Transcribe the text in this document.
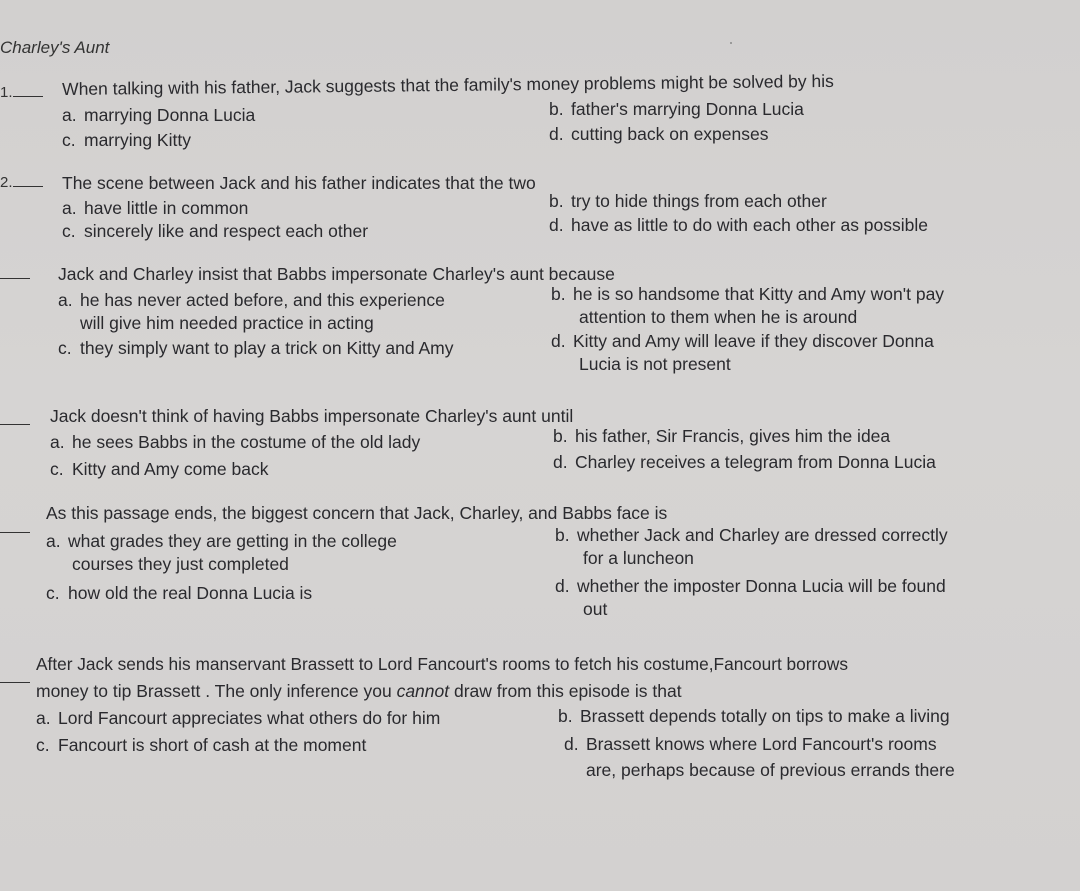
Charley's Aunt
1.	When talking with his father, Jack suggests that the family's money problems might be solved by his
a. marrying Donna Lucia	b. father's marrying Donna Lucia
c. marrying Kitty	d. cutting back on expenses
2.	The scene between Jack and his father indicates that the two
a. have little in common	b. try to hide things from each other
c. sincerely like and respect each other	d. have as little to do with each other as possible
Jack and Charley insist that Babbs impersonate Charley's aunt because
a. he has never acted before, and this experience
will give him needed practice in acting
b. he is so handsome that Kitty and Amy won't pay
attention to them when he is around
c. they simply want to play a trick on Kitty and Amy	d. Kitty and Amy will leave if they discover Donna
Lucia is not present
Jack doesn't think of having Babbs impersonate Charley's aunt until
a. he sees Babbs in the costume of the old lady	b. his father, Sir Francis, gives him the idea
c. Kitty and Amy come back	d. Charley receives a telegram from Donna Lucia
As this passage ends, the biggest concern that Jack, Charley, and Babbs face is
a. what grades they are getting in the college
courses they just completed
b. whether Jack and Charley are dressed correctly
for a luncheon
c. how old the real Donna Lucia is	d. whether the imposter Donna Lucia will be found
out
After Jack sends his manservant Brassett to Lord Fancourt's rooms to fetch his costume,Fancourt borrows
money to tip Brassett . The only inference you cannot draw from this episode is that
a. Lord Fancourt appreciates what others do for him	b. Brassett depends totally on tips to make a living
c. Fancourt is short of cash at the moment	d. Brassett knows where Lord Fancourt's rooms
are, perhaps because of previous errands there
